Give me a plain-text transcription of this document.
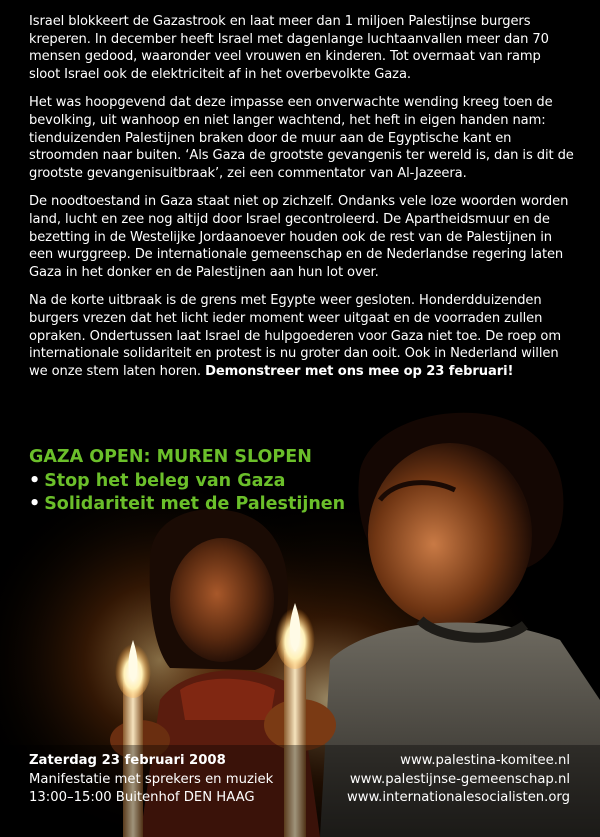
Israel blokkeert de Gazastrook en laat meer dan 1 miljoen Palestijnse burgers kreperen. In december heeft Israel met dagenlange luchtaanvallen meer dan 70 mensen gedood, waaronder veel vrouwen en kinderen. Tot overmaat van ramp sloot Israel ook de elektriciteit af in het overbevolkte Gaza.

Het was hoopgevend dat deze impasse een onverwachte wending kreeg toen de bevolking, uit wanhoop en niet langer wachtend, het heft in eigen handen nam: tienduizenden Palestijnen braken door de muur aan de Egyptische kant en stroomden naar buiten. ‘Als Gaza de grootste gevangenis ter wereld is, dan is dit de grootste gevangenisuitbraak’, zei een commentator van Al-Jazeera.

De noodtoestand in Gaza staat niet op zichzelf. Ondanks vele loze woorden worden land, lucht en zee nog altijd door Israel gecontroleerd. De Apartheidsmuur en de bezetting in de Westelijke Jordaanoever houden ook de rest van de Palestijnen in een wurggreep. De internationale gemeenschap en de Nederlandse regering laten Gaza in het donker en de Palestijnen aan hun lot over.

Na de korte uitbraak is de grens met Egypte weer gesloten. Honderdduizenden burgers vrezen dat het licht ieder moment weer uitgaat en de voorraden zullen opraken. Ondertussen laat Israel de hulpgoederen voor Gaza niet toe. De roep om internationale solidariteit en protest is nu groter dan ooit. Ook in Nederland willen we onze stem laten horen. Demonstreer met ons mee op 23 februari!

GAZA OPEN: MUREN SLOPEN
• Stop het beleg van Gaza
• Solidariteit met de Palestijnen
Zaterdag 23 februari 2008
Manifestatie met sprekers en muziek
13:00–15:00 Buitenhof DEN HAAG
www.palestina-komitee.nl
www.palestijnse-gemeenschap.nl
www.internationalesocialisten.org
